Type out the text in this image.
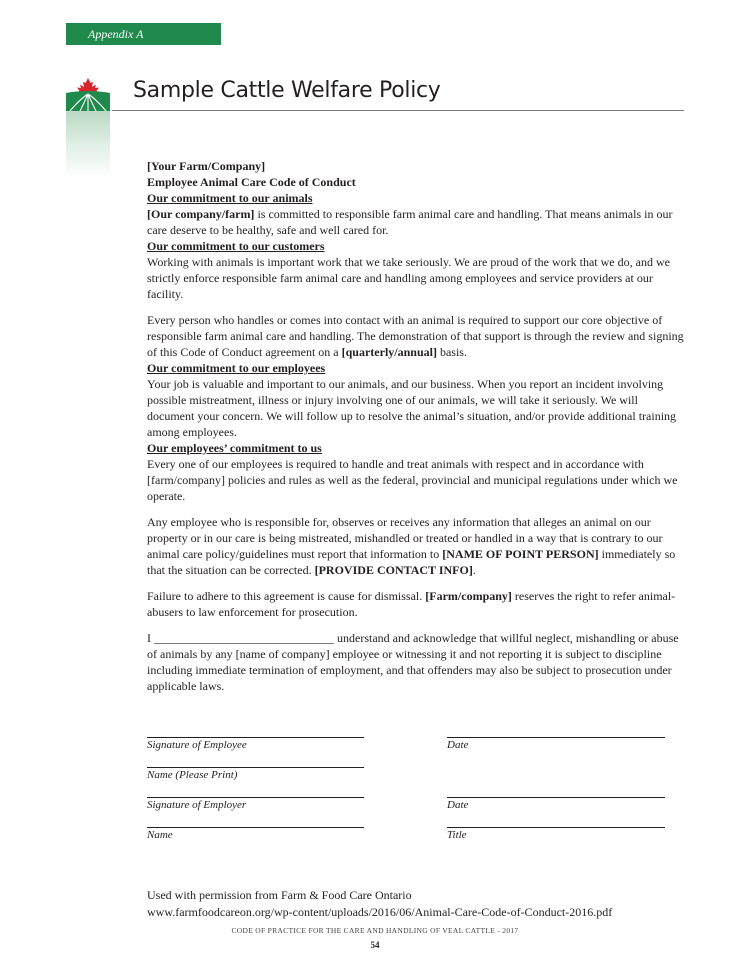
Appendix A
Sample Cattle Welfare Policy

[Your Farm/Company]

Employee Animal Care Code of Conduct

Our commitment to our animals

[Our company/farm] is committed to responsible farm animal care and handling. That means animals in our care deserve to be healthy, safe and well cared for.

Our commitment to our customers

Working with animals is important work that we take seriously. We are proud of the work that we do, and we strictly enforce responsible farm animal care and handling among employees and service providers at our facility.

Every person who handles or comes into contact with an animal is required to support our core objective of responsible farm animal care and handling. The demonstration of that support is through the review and signing of this Code of Conduct agreement on a [quarterly/annual] basis.

Our commitment to our employees

Your job is valuable and important to our animals, and our business. When you report an incident involving possible mistreatment, illness or injury involving one of our animals, we will take it seriously. We will document your concern. We will follow up to resolve the animal’s situation, and/or provide additional training among employees.

Our employees’ commitment to us

Every one of our employees is required to handle and treat animals with respect and in accordance with [farm/company] policies and rules as well as the federal, provincial and municipal regulations under which we operate.

Any employee who is responsible for, observes or receives any information that alleges an animal on our property or in our care is being mistreated, mishandled or treated or handled in a way that is contrary to our animal care policy/guidelines must report that information to [NAME OF POINT PERSON] immediately so that the situation can be corrected. [PROVIDE CONTACT INFO].

Failure to adhere to this agreement is cause for dismissal. [Farm/company] reserves the right to refer animal-abusers to law enforcement for prosecution.

I ______________________________ understand and acknowledge that willful neglect, mishandling or abuse of animals by any [name of company] employee or witnessing it and not reporting it is subject to discipline including immediate termination of employment, and that offenders may also be subject to prosecution under applicable laws.

Signature of Employee	Date
Name (Please Print)
Signature of Employer	Date
Name	Title
Used with permission from Farm & Food Care Ontario
www.farmfoodcareon.org/wp-content/uploads/2016/06/Animal-Care-Code-of-Conduct-2016.pdf
CODE OF PRACTICE FOR THE CARE AND HANDLING OF VEAL CATTLE - 2017
54
